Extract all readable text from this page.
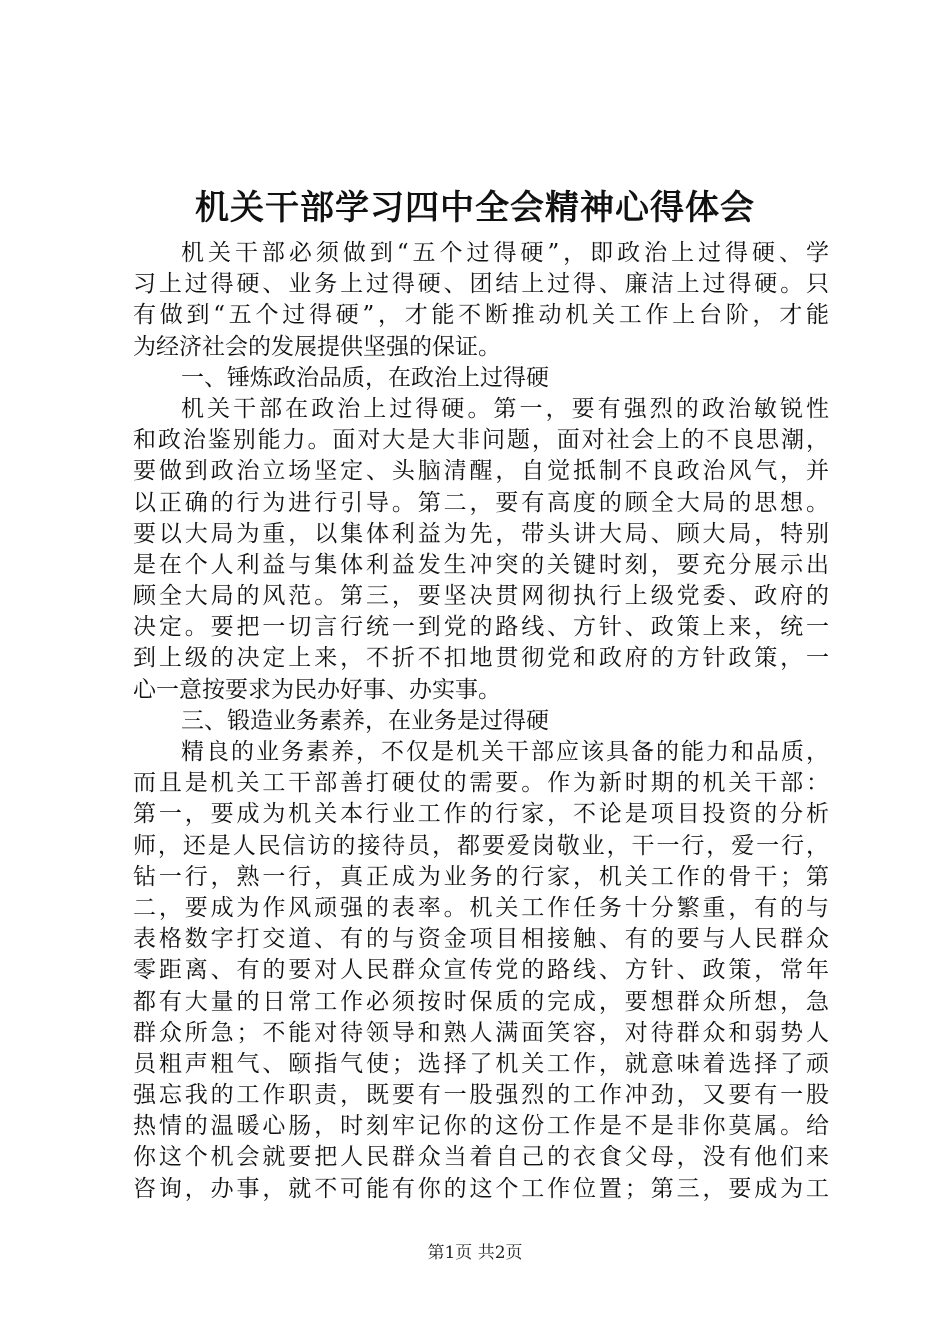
机关干部学习四中全会精神心得体会
机关干部必须做到“五个过得硬”，即政治上过得硬、学
习上过得硬、业务上过得硬、团结上过得、廉洁上过得硬。只
有做到“五个过得硬”，才能不断推动机关工作上台阶，才能
为经济社会的发展提供坚强的保证。
一、锤炼政治品质，在政治上过得硬
机关干部在政治上过得硬。第一，要有强烈的政治敏锐性
和政治鉴别能力。面对大是大非问题，面对社会上的不良思潮，
要做到政治立场坚定、头脑清醒，自觉抵制不良政治风气，并
以正确的行为进行引导。第二，要有高度的顾全大局的思想。
要以大局为重，以集体利益为先，带头讲大局、顾大局，特别
是在个人利益与集体利益发生冲突的关键时刻，要充分展示出
顾全大局的风范。第三，要坚决贯网彻执行上级党委、政府的
决定。要把一切言行统一到党的路线、方针、政策上来，统一
到上级的决定上来，不折不扣地贯彻党和政府的方针政策，一
心一意按要求为民办好事、办实事。
三、锻造业务素养，在业务是过得硬
精良的业务素养，不仅是机关干部应该具备的能力和品质，
而且是机关工干部善打硬仗的需要。作为新时期的机关干部：
第一，要成为机关本行业工作的行家，不论是项目投资的分析
师，还是人民信访的接待员，都要爱岗敬业，干一行，爱一行，
钻一行，熟一行，真正成为业务的行家，机关工作的骨干；第
二，要成为作风顽强的表率。机关工作任务十分繁重，有的与
表格数字打交道、有的与资金项目相接触、有的要与人民群众
零距离、有的要对人民群众宣传党的路线、方针、政策，常年
都有大量的日常工作必须按时保质的完成，要想群众所想，急
群众所急；不能对待领导和熟人满面笑容，对待群众和弱势人
员粗声粗气、颐指气使；选择了机关工作，就意味着选择了顽
强忘我的工作职责，既要有一股强烈的工作冲劲，又要有一股
热情的温暖心肠，时刻牢记你的这份工作是不是非你莫属。给
你这个机会就要把人民群众当着自己的衣食父母，没有他们来
咨询，办事，就不可能有你的这个工作位置；第三，要成为工
第1页 共2页
